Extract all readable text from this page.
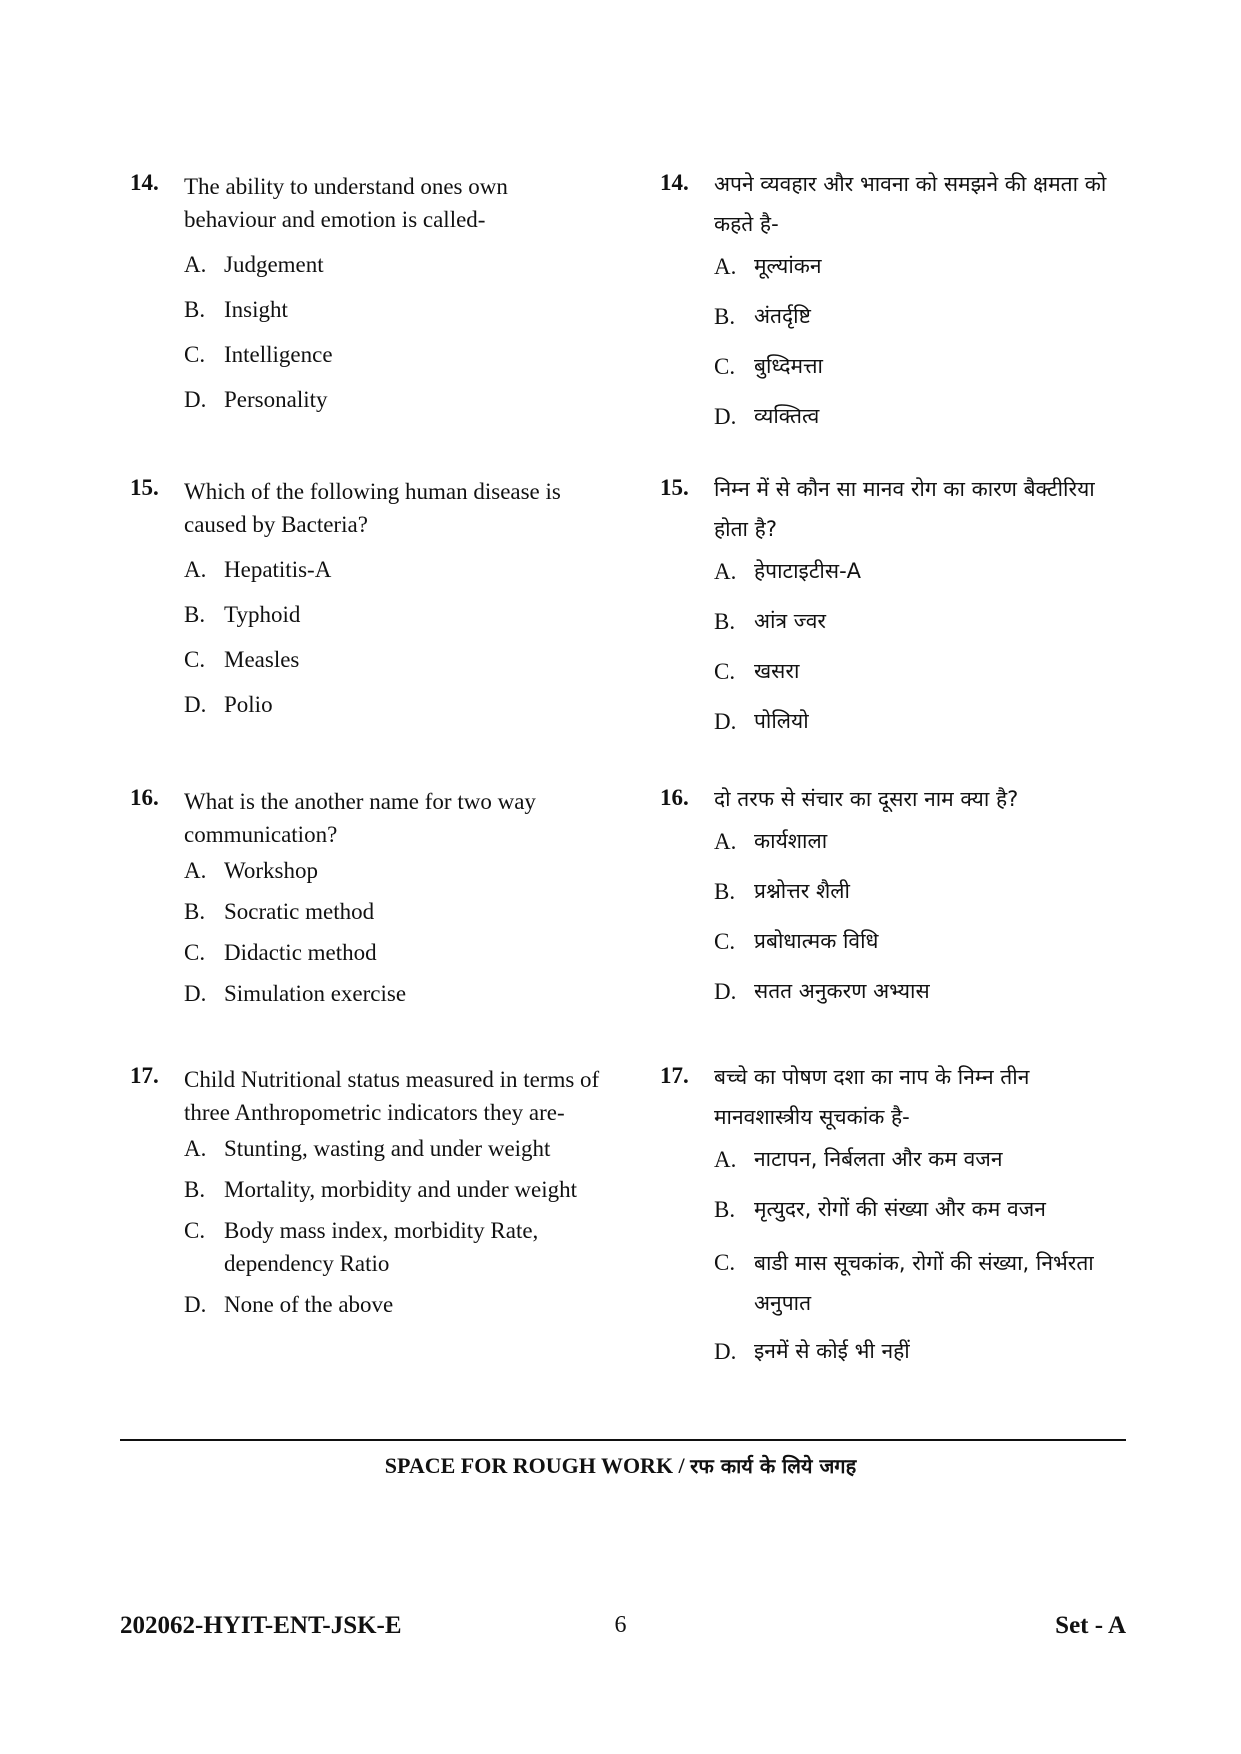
14. The ability to understand ones own behaviour and emotion is called-
A. Judgement
B. Insight
C. Intelligence
D. Personality
15. Which of the following human disease is caused by Bacteria?
A. Hepatitis-A
B. Typhoid
C. Measles
D. Polio
16. What is the another name for two way communication?
A. Workshop
B. Socratic method
C. Didactic method
D. Simulation exercise
17. Child Nutritional status measured in terms of three Anthropometric indicators they are-
A. Stunting, wasting and under weight
B. Mortality, morbidity and under weight
C. Body mass index, morbidity Rate, dependency Ratio
D. None of the above
14. अपने व्यवहार और भावना को समझने की क्षमता को कहते है-
A. मूल्यांकन
B. अंतर्दृष्टि
C. बुध्दिमत्ता
D. व्यक्तित्व
15. निम्न में से कौन सा मानव रोग का कारण बैक्टीरिया होता है?
A. हेपाटाइटीस-A
B. आंत्र ज्वर
C. खसरा
D. पोलियो
16. दो तरफ से संचार का दूसरा नाम क्या है?
A. कार्यशाला
B. प्रश्नोत्तर शैली
C. प्रबोधात्मक विधि
D. सतत अनुकरण अभ्यास
17. बच्चे का पोषण दशा का नाप के निम्न तीन मानवशास्त्रीय सूचकांक है-
A. नाटापन, निर्बलता और कम वजन
B. मृत्युदर, रोगों की संख्या और कम वजन
C. बाडी मास सूचकांक, रोगों की संख्या, निर्भरता अनुपात
D. इनमें से कोई भी नहीं
SPACE FOR ROUGH WORK / रफ कार्य के लिये जगह
202062-HYIT-ENT-JSK-E	6	Set - A
